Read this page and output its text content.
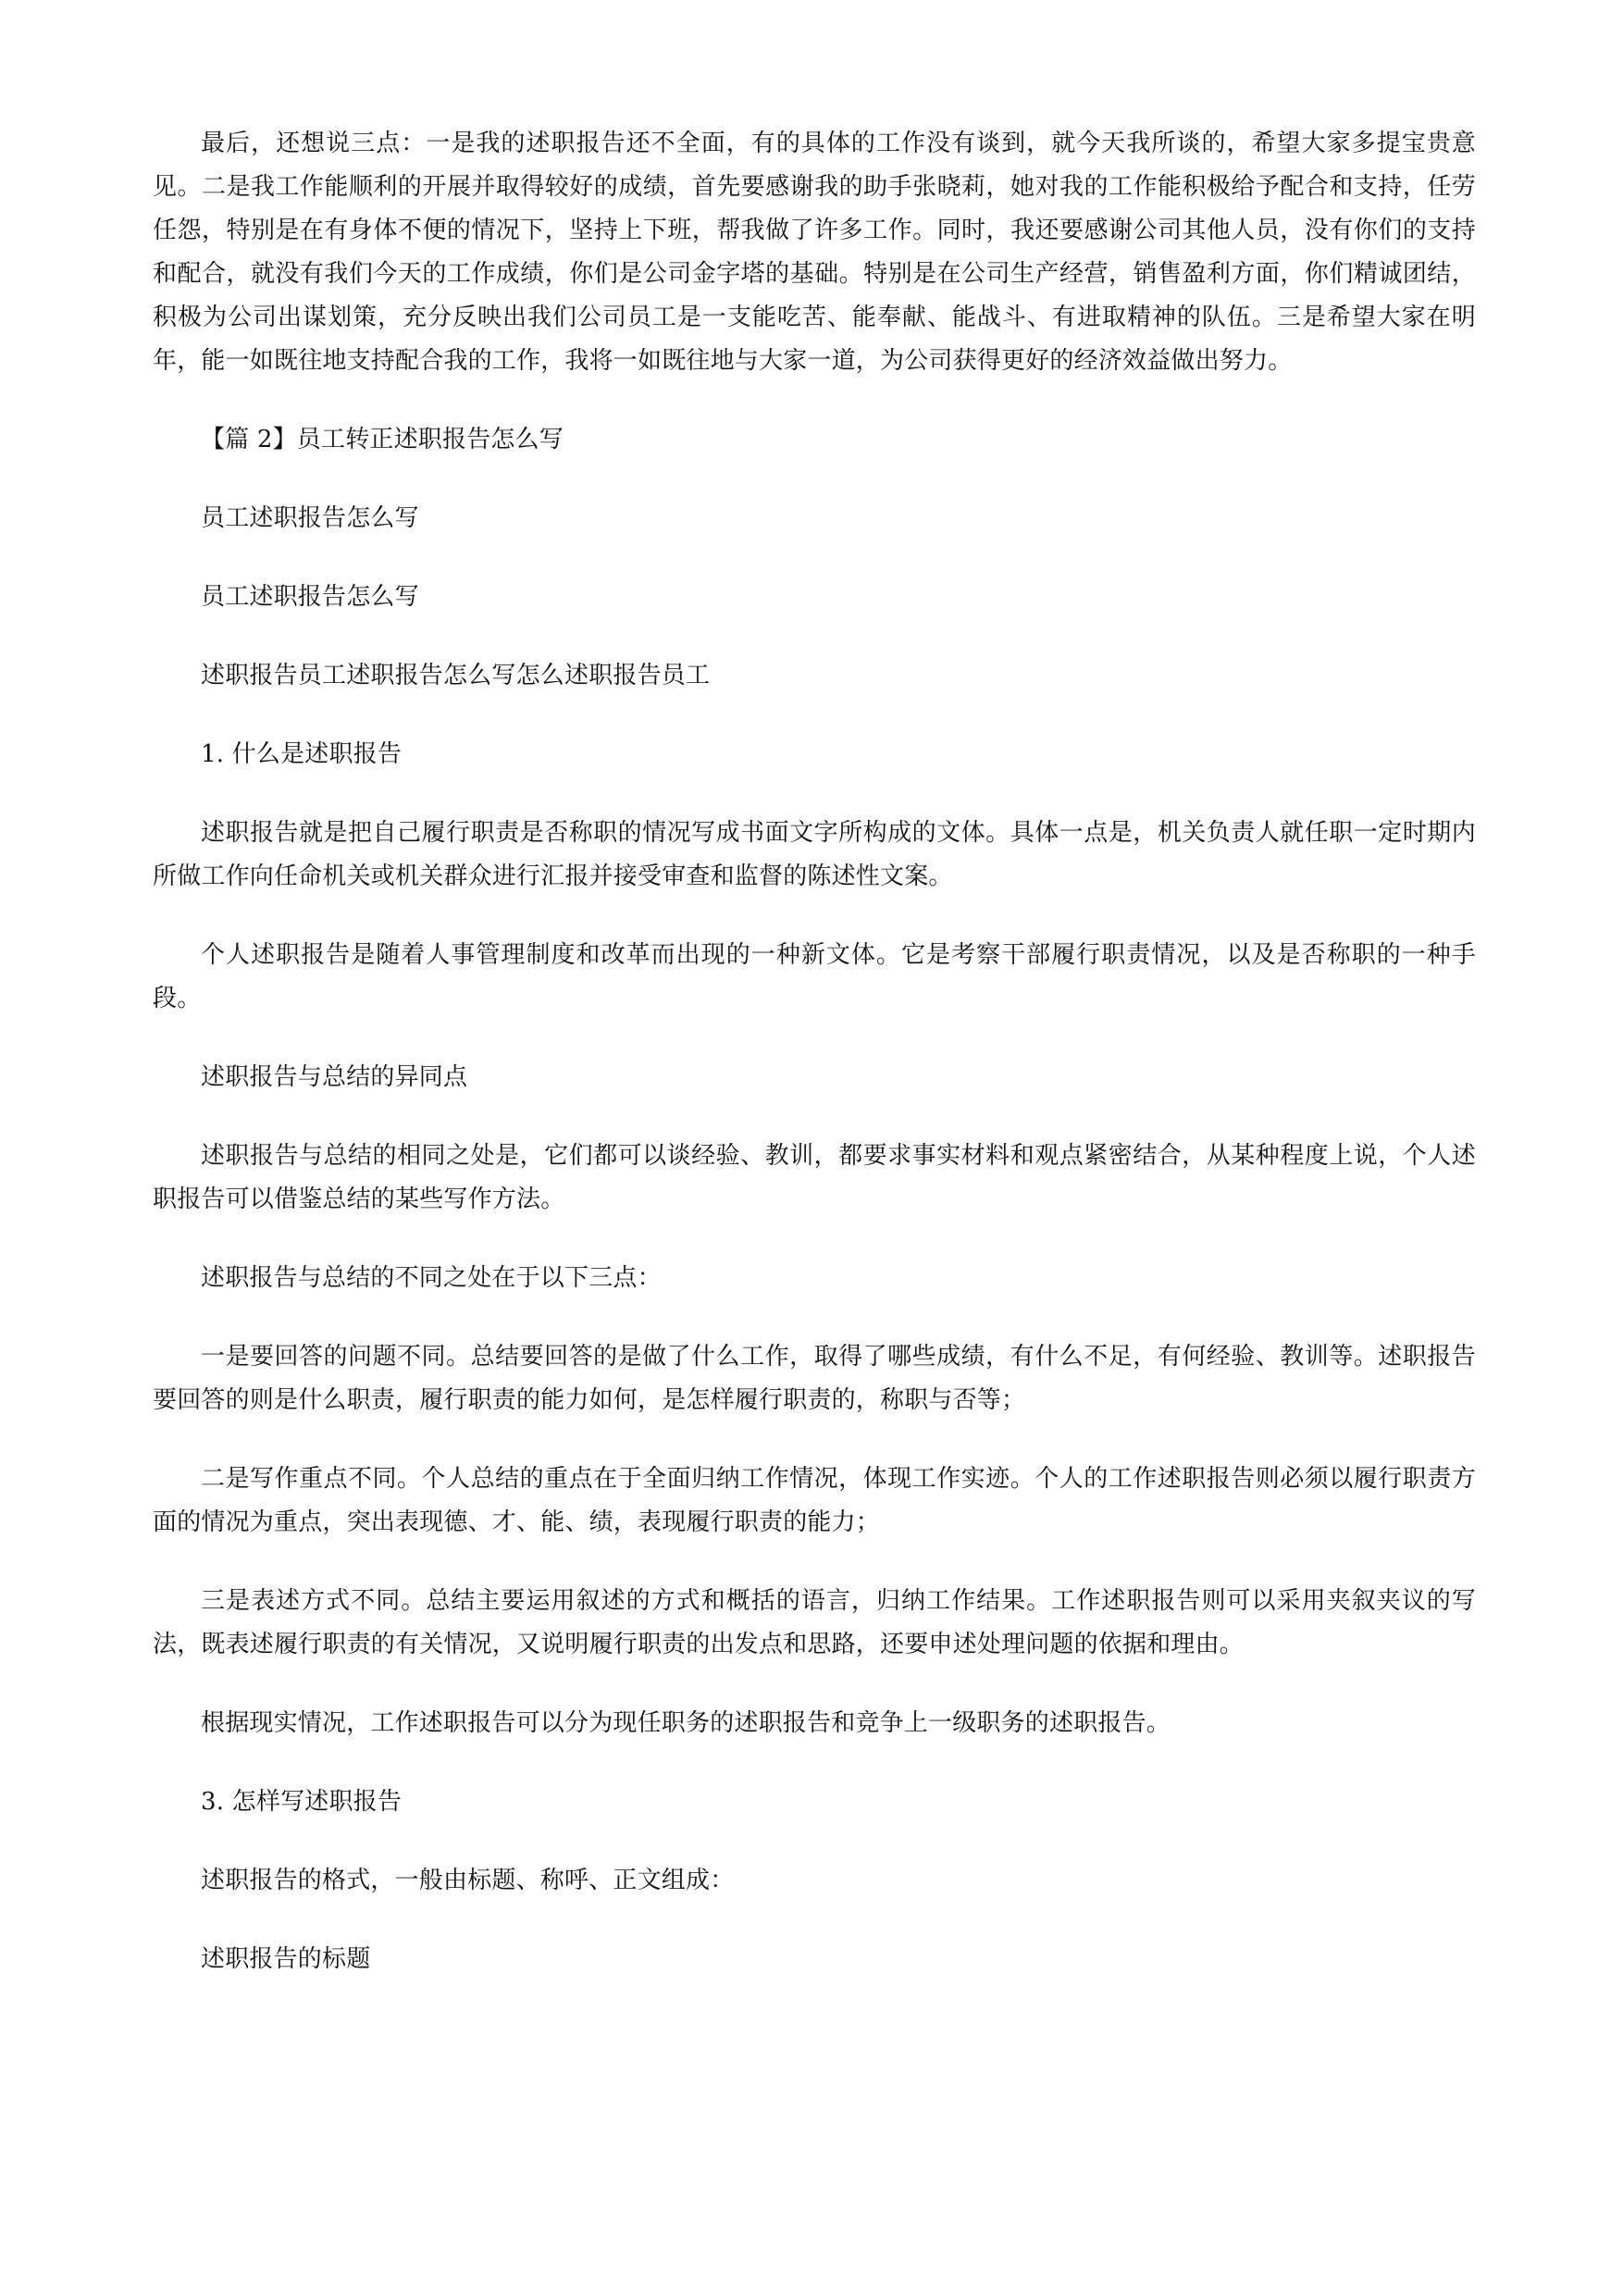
最后，还想说三点：一是我的述职报告还不全面，有的具体的工作没有谈到，就今天我所谈的，希望大家多提宝贵意见。二是我工作能顺利的开展并取得较好的成绩，首先要感谢我的助手张晓莉，她对我的工作能积极给予配合和支持，任劳任怨，特别是在有身体不便的情况下，坚持上下班，帮我做了许多工作。同时，我还要感谢公司其他人员，没有你们的支持和配合，就没有我们今天的工作成绩，你们是公司金字塔的基础。特别是在公司生产经营，销售盈利方面，你们精诚团结，积极为公司出谋划策，充分反映出我们公司员工是一支能吃苦、能奉献、能战斗、有进取精神的队伍。三是希望大家在明年，能一如既往地支持配合我的工作，我将一如既往地与大家一道，为公司获得更好的经济效益做出努力。

【篇 2】员工转正述职报告怎么写

员工述职报告怎么写

员工述职报告怎么写

述职报告员工述职报告怎么写怎么述职报告员工

1. 什么是述职报告

述职报告就是把自己履行职责是否称职的情况写成书面文字所构成的文体。具体一点是，机关负责人就任职一定时期内所做工作向任命机关或机关群众进行汇报并接受审查和监督的陈述性文案。

个人述职报告是随着人事管理制度和改革而出现的一种新文体。它是考察干部履行职责情况，以及是否称职的一种手段。

述职报告与总结的异同点

述职报告与总结的相同之处是，它们都可以谈经验、教训，都要求事实材料和观点紧密结合，从某种程度上说，个人述职报告可以借鉴总结的某些写作方法。

述职报告与总结的不同之处在于以下三点：

一是要回答的问题不同。总结要回答的是做了什么工作，取得了哪些成绩，有什么不足，有何经验、教训等。述职报告要回答的则是什么职责，履行职责的能力如何，是怎样履行职责的，称职与否等；

二是写作重点不同。个人总结的重点在于全面归纳工作情况，体现工作实迹。个人的工作述职报告则必须以履行职责方面的情况为重点，突出表现德、才、能、绩，表现履行职责的能力；

三是表述方式不同。总结主要运用叙述的方式和概括的语言，归纳工作结果。工作述职报告则可以采用夹叙夹议的写法，既表述履行职责的有关情况，又说明履行职责的出发点和思路，还要申述处理问题的依据和理由。

根据现实情况，工作述职报告可以分为现任职务的述职报告和竞争上一级职务的述职报告。

3. 怎样写述职报告

述职报告的格式，一般由标题、称呼、正文组成：

述职报告的标题
